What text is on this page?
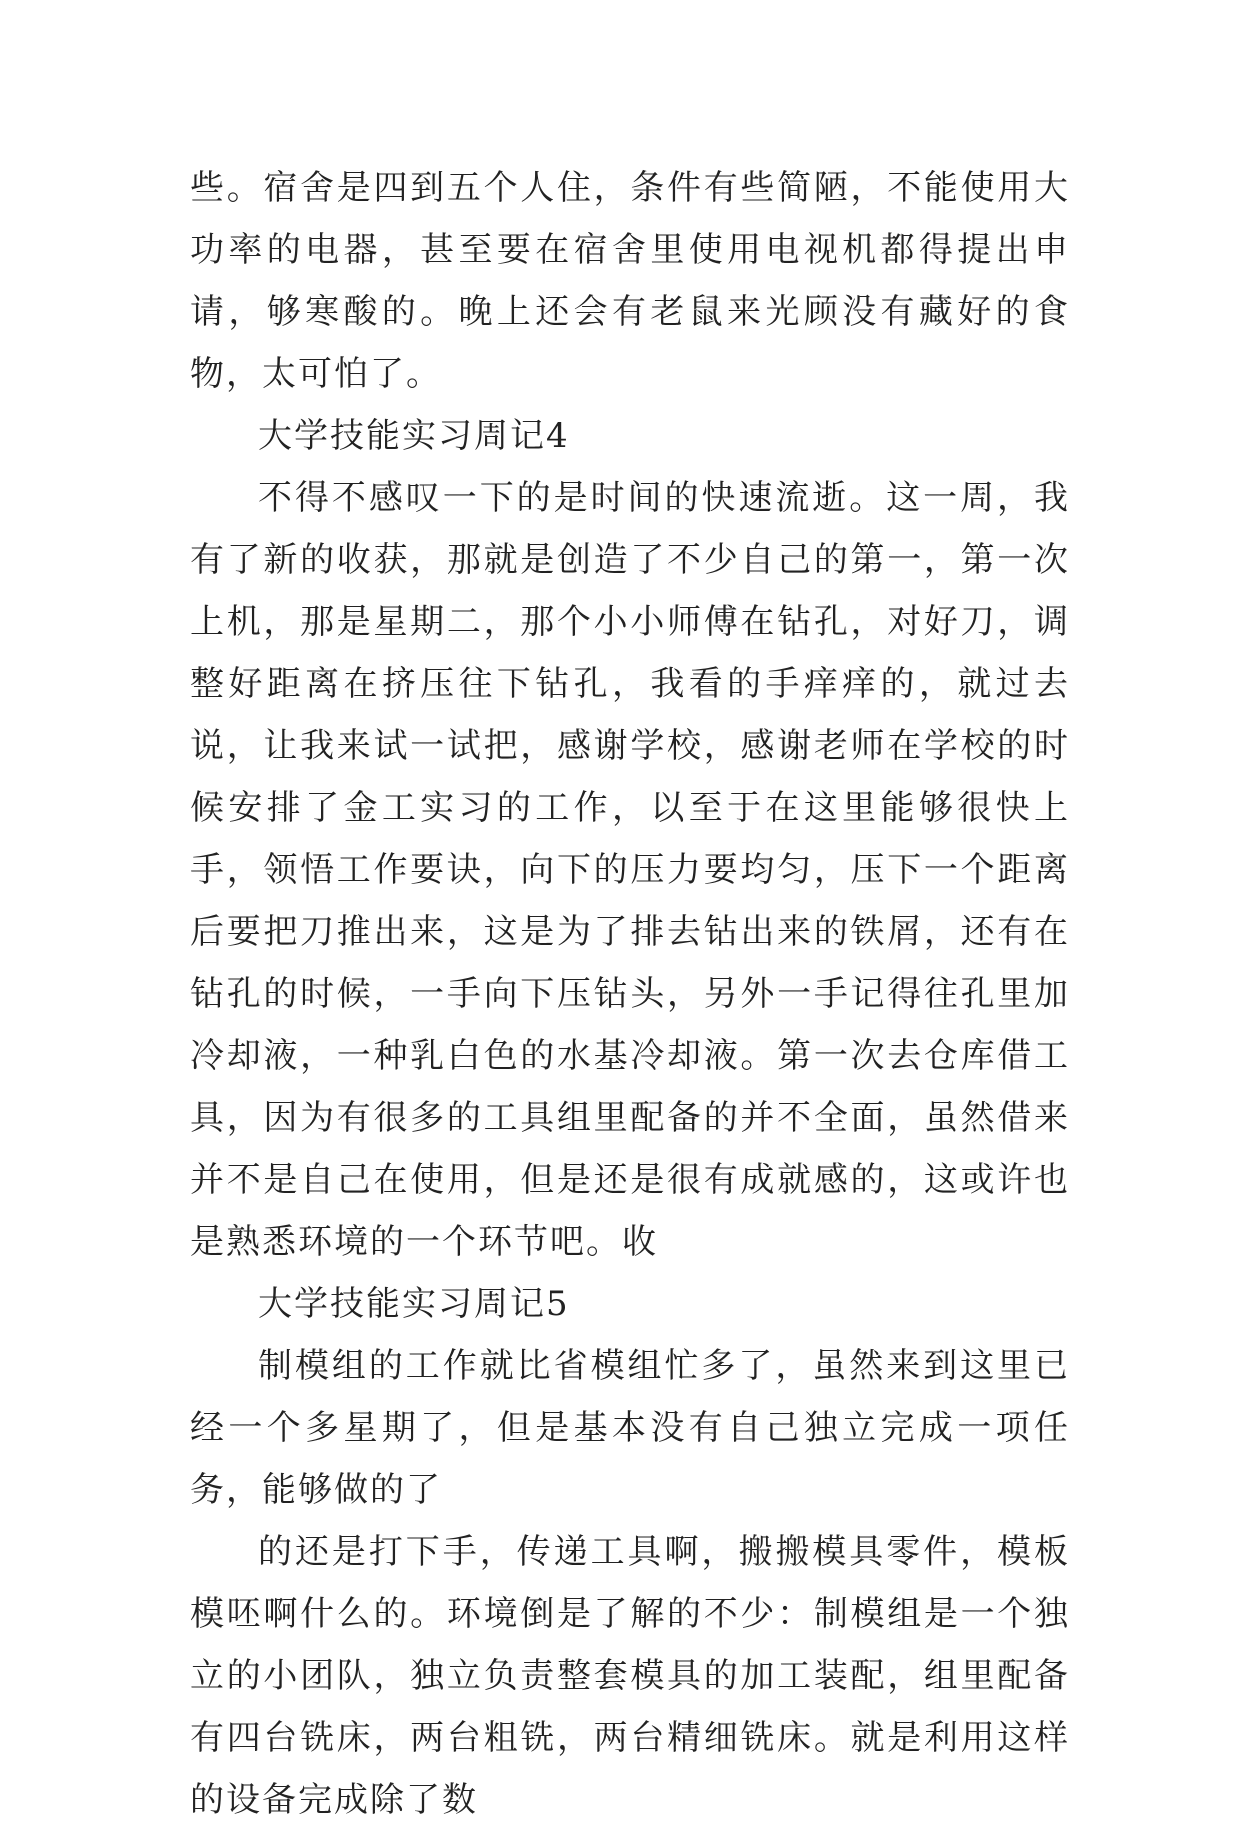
些。宿舍是四到五个人住，条件有些简陋，不能使用大功率的电器，甚至要在宿舍里使用电视机都得提出申请，够寒酸的。晚上还会有老鼠来光顾没有藏好的食物，太可怕了。

大学技能实习周记4

不得不感叹一下的是时间的快速流逝。这一周，我有了新的收获，那就是创造了不少自己的第一，第一次上机，那是星期二，那个小小师傅在钻孔，对好刀，调整好距离在挤压往下钻孔，我看的手痒痒的，就过去说，让我来试一试把，感谢学校，感谢老师在学校的时候安排了金工实习的工作，以至于在这里能够很快上手，领悟工作要诀，向下的压力要均匀，压下一个距离后要把刀推出来，这是为了排去钻出来的铁屑，还有在钻孔的时候，一手向下压钻头，另外一手记得往孔里加冷却液，一种乳白色的水基冷却液。第一次去仓库借工具，因为有很多的工具组里配备的并不全面，虽然借来并不是自己在使用，但是还是很有成就感的，这或许也是熟悉环境的一个环节吧。收

大学技能实习周记5

制模组的工作就比省模组忙多了，虽然来到这里已经一个多星期了，但是基本没有自己独立完成一项任务，能够做的了

的还是打下手，传递工具啊，搬搬模具零件，模板模呸啊什么的。环境倒是了解的不少：制模组是一个独立的小团队，独立负责整套模具的加工装配，组里配备有四台铣床，两台粗铣，两台精细铣床。就是利用这样的设备完成除了数
